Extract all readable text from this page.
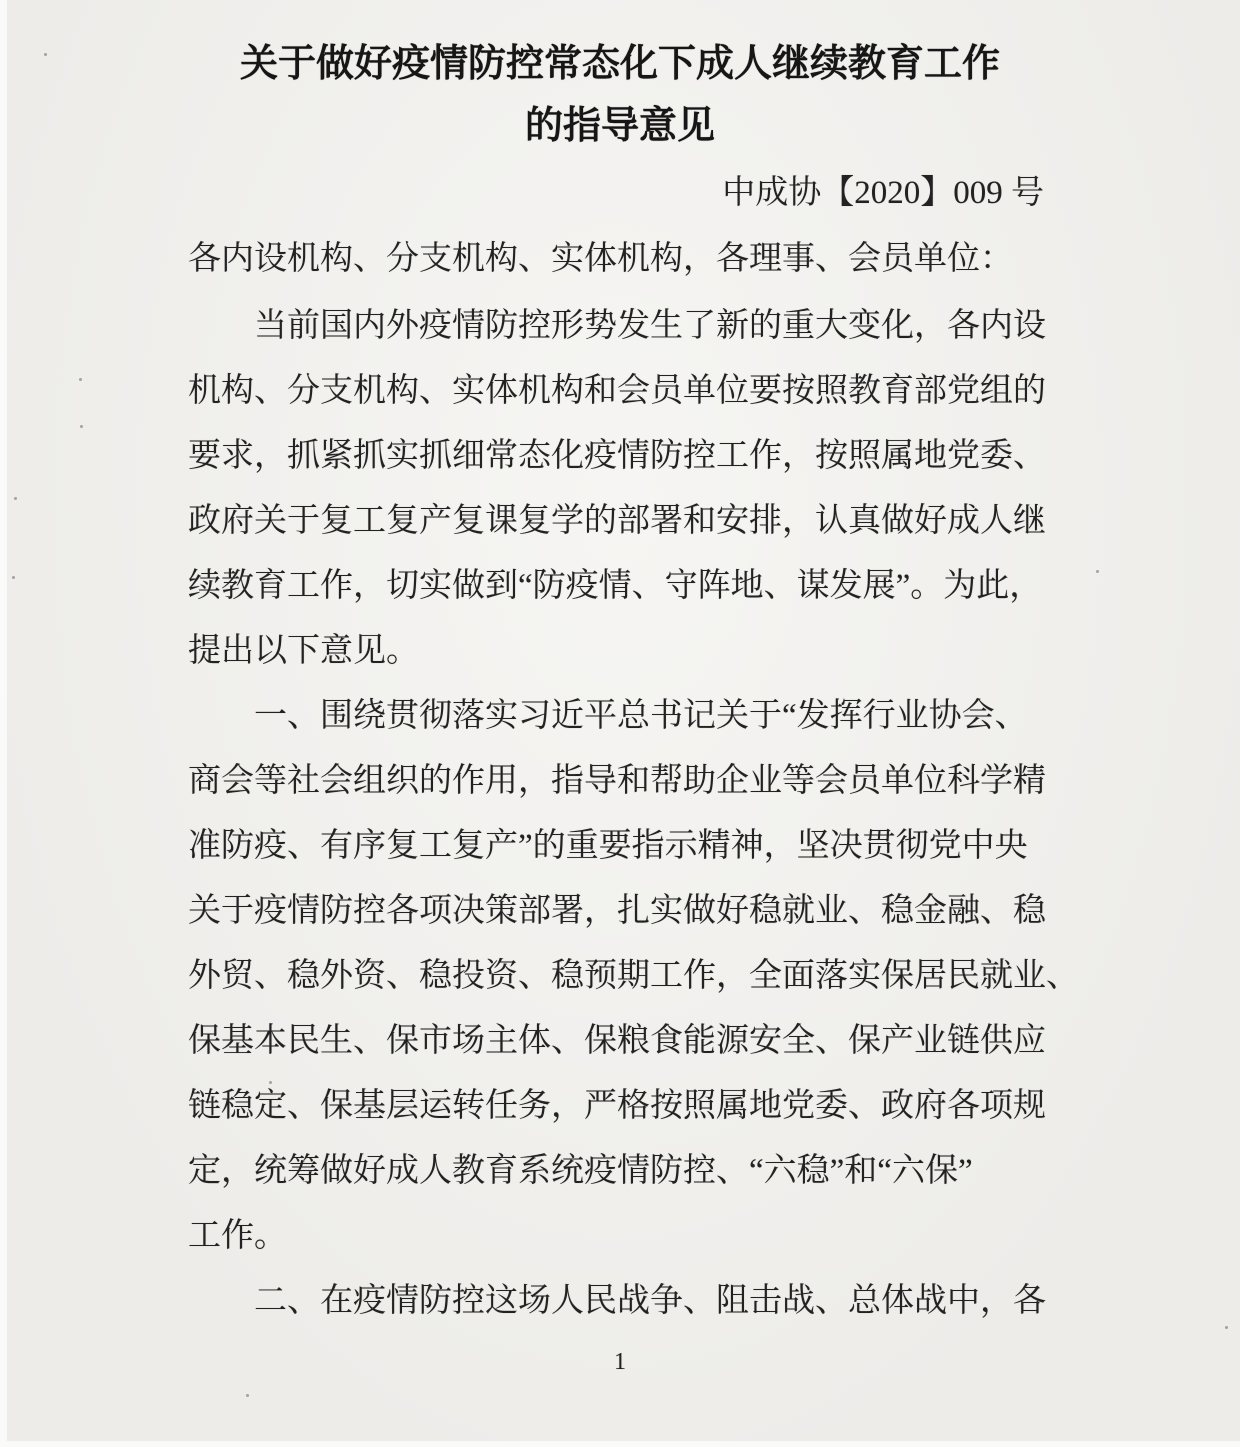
关于做好疫情防控常态化下成人继续教育工作
的指导意见
中成协【2020】009 号
各内设机构、分支机构、实体机构，各理事、会员单位：
当前国内外疫情防控形势发生了新的重大变化，各内设
机构、分支机构、实体机构和会员单位要按照教育部党组的
要求，抓紧抓实抓细常态化疫情防控工作，按照属地党委、
政府关于复工复产复课复学的部署和安排，认真做好成人继
续教育工作，切实做到“防疫情、守阵地、谋发展”。为此，
提出以下意见。
一、围绕贯彻落实习近平总书记关于“发挥行业协会、
商会等社会组织的作用，指导和帮助企业等会员单位科学精
准防疫、有序复工复产”的重要指示精神，坚决贯彻党中央
关于疫情防控各项决策部署，扎实做好稳就业、稳金融、稳
外贸、稳外资、稳投资、稳预期工作，全面落实保居民就业、
保基本民生、保市场主体、保粮食能源安全、保产业链供应
链稳定、保基层运转任务，严格按照属地党委、政府各项规
定，统筹做好成人教育系统疫情防控、“六稳”和“六保”
工作。
二、在疫情防控这场人民战争、阻击战、总体战中，各
1
